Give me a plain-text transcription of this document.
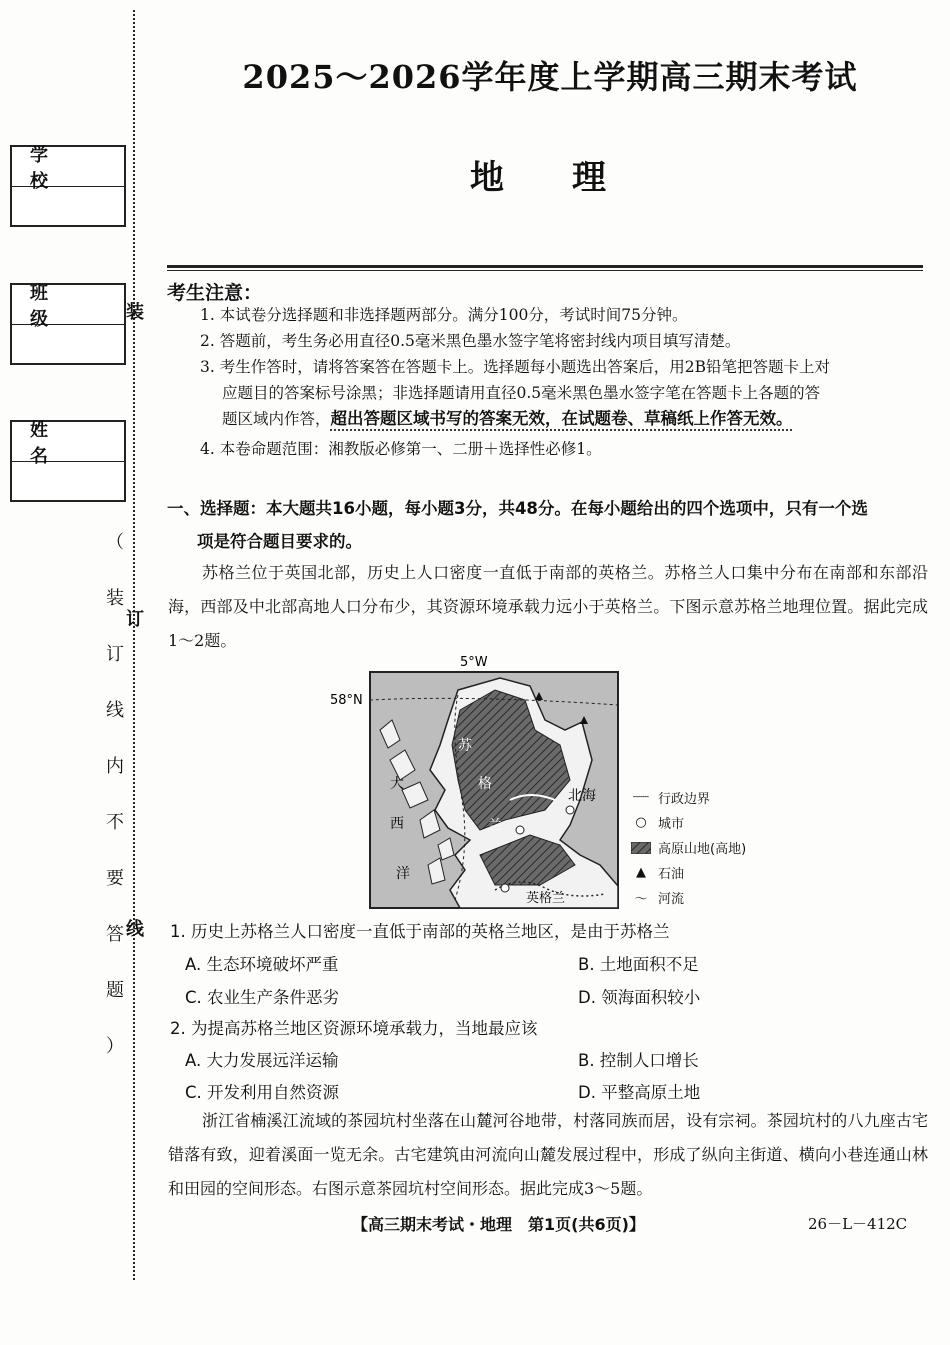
学 校
班 级
姓 名
装
订
线
（
装
订
线
内
不
要
答
题
）
2025～2026学年度上学期高三期末考试
地　　理
考生注意：
1. 本试卷分选择题和非选择题两部分。满分100分，考试时间75分钟。
2. 答题前，考生务必用直径0.5毫米黑色墨水签字笔将密封线内项目填写清楚。
3. 考生作答时，请将答案答在答题卡上。选择题每小题选出答案后，用2B铅笔把答题卡上对
应题目的答案标号涂黑；非选择题请用直径0.5毫米黑色墨水签字笔在答题卡上各题的答
题区域内作答，超出答题区域书写的答案无效，在试题卷、草稿纸上作答无效。
4. 本卷命题范围：湘教版必修第一、二册＋选择性必修1。
一、选择题：本大题共16小题，每小题3分，共48分。在每小题给出的四个选项中，只有一个选
项是符合题目要求的。
苏格兰位于英国北部，历史上人口密度一直低于南部的英格兰。苏格兰人口集中分布在南部和东部沿海，西部及中北部高地人口分布少，其资源环境承载力远小于英格兰。下图示意苏格兰地理位置。据此完成1～2题。
5°W
58°N
苏
格
兰
大
西
洋
北海
英格兰
┈┈ 行政边界
○ 城市
高原山地(高地)
▲ 石油
〜 河流
1. 历史上苏格兰人口密度一直低于南部的英格兰地区，是由于苏格兰
A. 生态环境破坏严重	B. 土地面积不足
C. 农业生产条件恶劣	D. 领海面积较小
2. 为提高苏格兰地区资源环境承载力，当地最应该
A. 大力发展远洋运输	B. 控制人口增长
C. 开发利用自然资源	D. 平整高原土地
浙江省楠溪江流域的茶园坑村坐落在山麓河谷地带，村落同族而居，设有宗祠。茶园坑村的八九座古宅错落有致，迎着溪面一览无余。古宅建筑由河流向山麓发展过程中，形成了纵向主街道、横向小巷连通山林和田园的空间形态。右图示意茶园坑村空间形态。据此完成3～5题。
【高三期末考试・地理　第1页(共6页)】	26－L－412C
